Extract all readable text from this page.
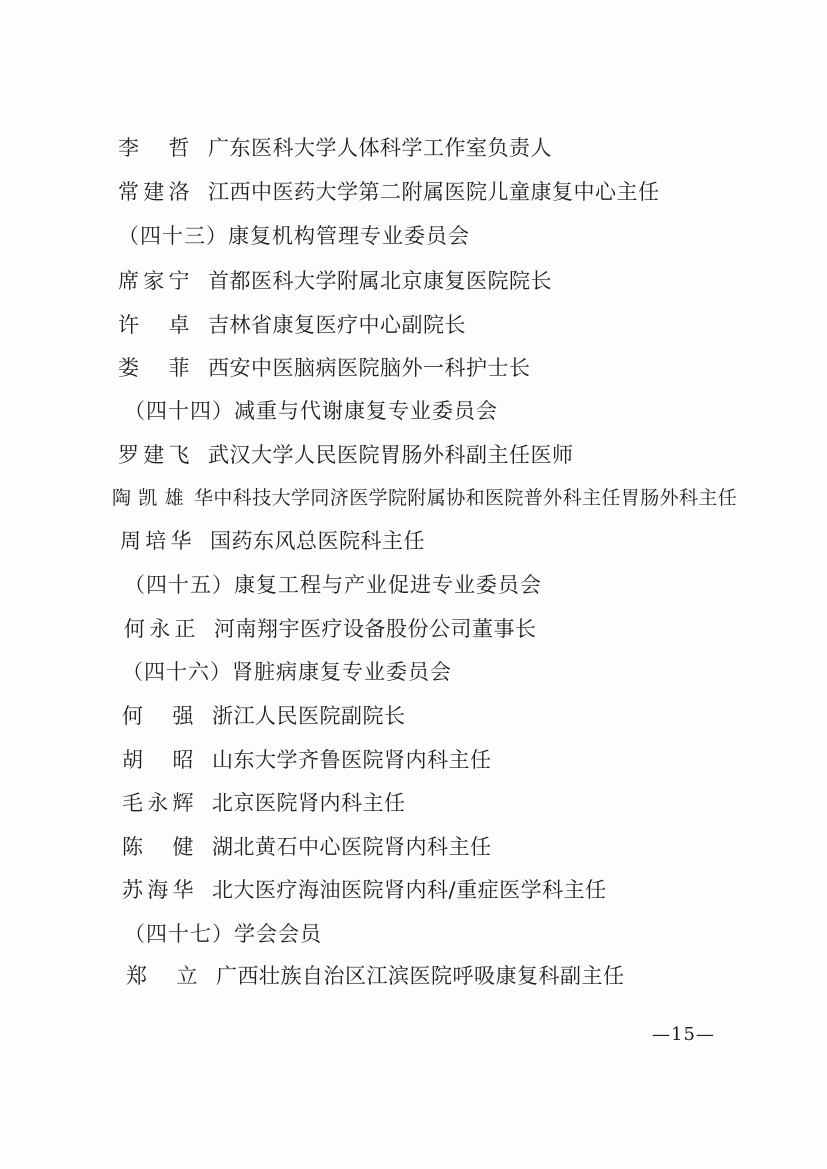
李 哲 广东医科大学人体科学工作室负责人
常建洛 江西中医药大学第二附属医院儿童康复中心主任
（四十三）康复机构管理专业委员会
席家宁 首都医科大学附属北京康复医院院长
许 卓 吉林省康复医疗中心副院长
娄 菲 西安中医脑病医院脑外一科护士长
（四十四）减重与代谢康复专业委员会
罗建飞 武汉大学人民医院胃肠外科副主任医师
陶凯雄 华中科技大学同济医学院附属协和医院普外科主任胃肠外科主任
周培华 国药东风总医院科主任
（四十五）康复工程与产业促进专业委员会
何永正 河南翔宇医疗设备股份公司董事长
（四十六）肾脏病康复专业委员会
何 强 浙江人民医院副院长
胡 昭 山东大学齐鲁医院肾内科主任
毛永辉 北京医院肾内科主任
陈 健 湖北黄石中心医院肾内科主任
苏海华 北大医疗海油医院肾内科/重症医学科主任
（四十七）学会会员
郑 立 广西壮族自治区江滨医院呼吸康复科副主任
—15—
